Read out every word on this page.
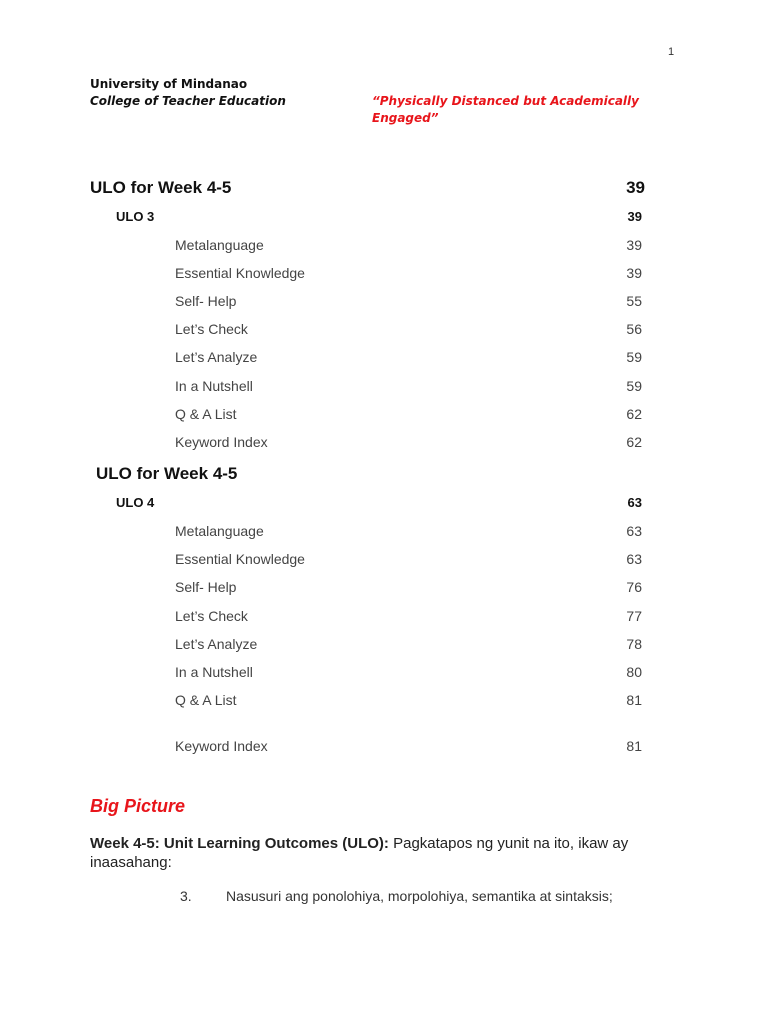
1
University of Mindanao
College of Teacher Education	“Physically Distanced but Academically Engaged”
ULO for Week 4-5	39
ULO 3	39
Metalanguage	39
Essential Knowledge	39
Self- Help	55
Let’s Check	56
Let’s Analyze	59
In a Nutshell	59
Q & A List	62
Keyword Index	62
ULO for Week 4-5
ULO 4	63
Metalanguage	63
Essential Knowledge	63
Self- Help	76
Let’s Check	77
Let’s Analyze	78
In a Nutshell	80
Q & A List	81
Keyword Index	81
Big Picture
Week 4-5: Unit Learning Outcomes (ULO): Pagkatapos ng yunit na ito, ikaw ay inaasahang:
3. Nasusuri ang ponolohiya, morpolohiya, semantika at sintaksis;
